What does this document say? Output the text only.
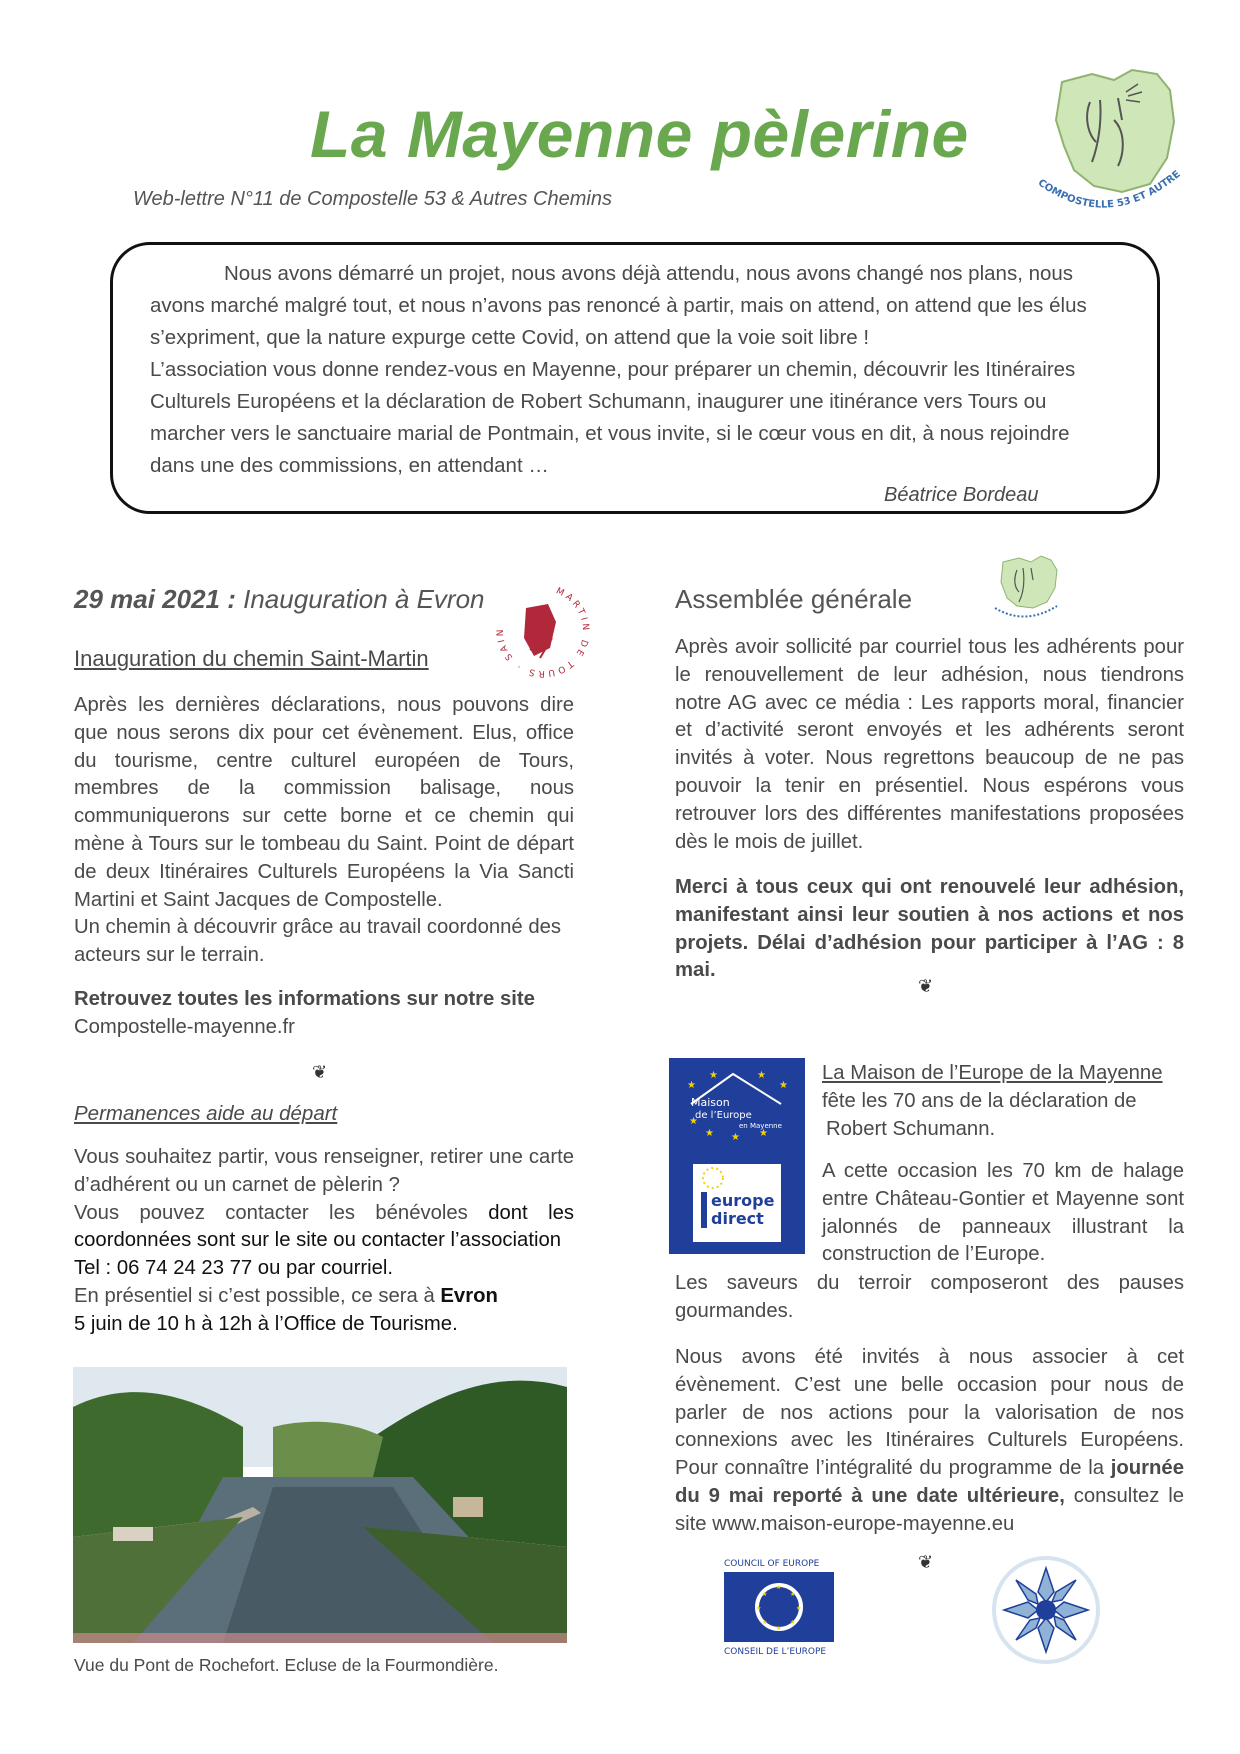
La Mayenne pèlerine
Web-lettre N°11 de Compostelle 53 & Autres Chemins
COMPOSTELLE 53 ET AUTRE
Nous avons démarré un projet, nous avons déjà attendu, nous avons changé nos plans, nous
avons marché malgré tout, et nous n’avons pas renoncé à partir, mais on attend, on attend que les élus
s’expriment, que la nature expurge cette Covid, on attend que la voie soit libre !
L’association vous donne rendez-vous en Mayenne, pour préparer un chemin, découvrir les Itinéraires
Culturels Européens et la déclaration de Robert Schumann, inaugurer une itinérance vers Tours ou
marcher vers le sanctuaire marial de Pontmain, et vous invite, si le cœur vous en dit, à nous rejoindre
dans une des commissions, en attendant …
Béatrice Bordeau
29 mai 2021 : Inauguration à Evron	MARTIN DE TOURS · SAIN
Inauguration du chemin Saint-Martin
Après les dernières déclarations, nous pouvons dire que nous serons dix pour cet évènement. Elus, office du tourisme, centre culturel européen de Tours, membres de la commission balisage, nous communiquerons sur cette borne et ce chemin qui mène à Tours sur le tombeau du Saint. Point de départ de deux Itinéraires Culturels Européens la Via Sancti Martini et Saint Jacques de Compostelle.
Un chemin à découvrir grâce au travail coordonné des acteurs sur le terrain.
Retrouvez toutes les informations sur notre site
Compostelle-mayenne.fr
❦
Permanences aide au départ
Vous souhaitez partir, vous renseigner, retirer une carte d’adhérent ou un carnet de pèlerin ?
Vous pouvez contacter les bénévoles dont les coordonnées sont sur le site ou contacter l’association
Tel : 06 74 24 23 77 ou par courriel.
En présentiel si c’est possible, ce sera à Evron
5 juin de 10 h à 12h à l’Office de Tourisme.
Vue du Pont de Rochefort. Ecluse de la Fourmondière.
Assemblée générale
Après avoir sollicité par courriel tous les adhérents pour le renouvellement de leur adhésion, nous tiendrons notre AG avec ce média : Les rapports moral, financier et d’activité seront envoyés et les adhérents seront invités à voter. Nous regrettons beaucoup de ne pas pouvoir la tenir en présentiel. Nous espérons vous retrouver lors des différentes manifestations proposées dès le mois de juillet.
Merci à tous ceux qui ont renouvelé leur adhésion, manifestant ainsi leur soutien à nos actions et nos projets. Délai d’adhésion pour participer à l’AG : 8 mai.
❦
★
★	★
★
★
★ ★ ★
Maison
de l’Europe
en Mayenne
europe
direct
La Maison de l’Europe de la Mayenne
fête les 70 ans de la déclaration de
Robert Schumann.
A cette occasion les 70 km de halage entre Château-Gontier et Mayenne sont jalonnés de panneaux illustrant la construction de l’Europe.
Les saveurs du terroir composeront des pauses gourmandes.
Nous avons été invités à nous associer à cet évènement. C’est une belle occasion pour nous de parler de nos actions pour la valorisation de nos connexions avec les Itinéraires Culturels Européens. Pour connaître l’intégralité du programme de la journée du 9 mai reporté à une date ultérieure, consultez le site www.maison-europe-mayenne.eu
❦
COUNCIL OF EUROPE
★
★
★
★
★
★
★
★
CONSEIL DE L’EUROPE
